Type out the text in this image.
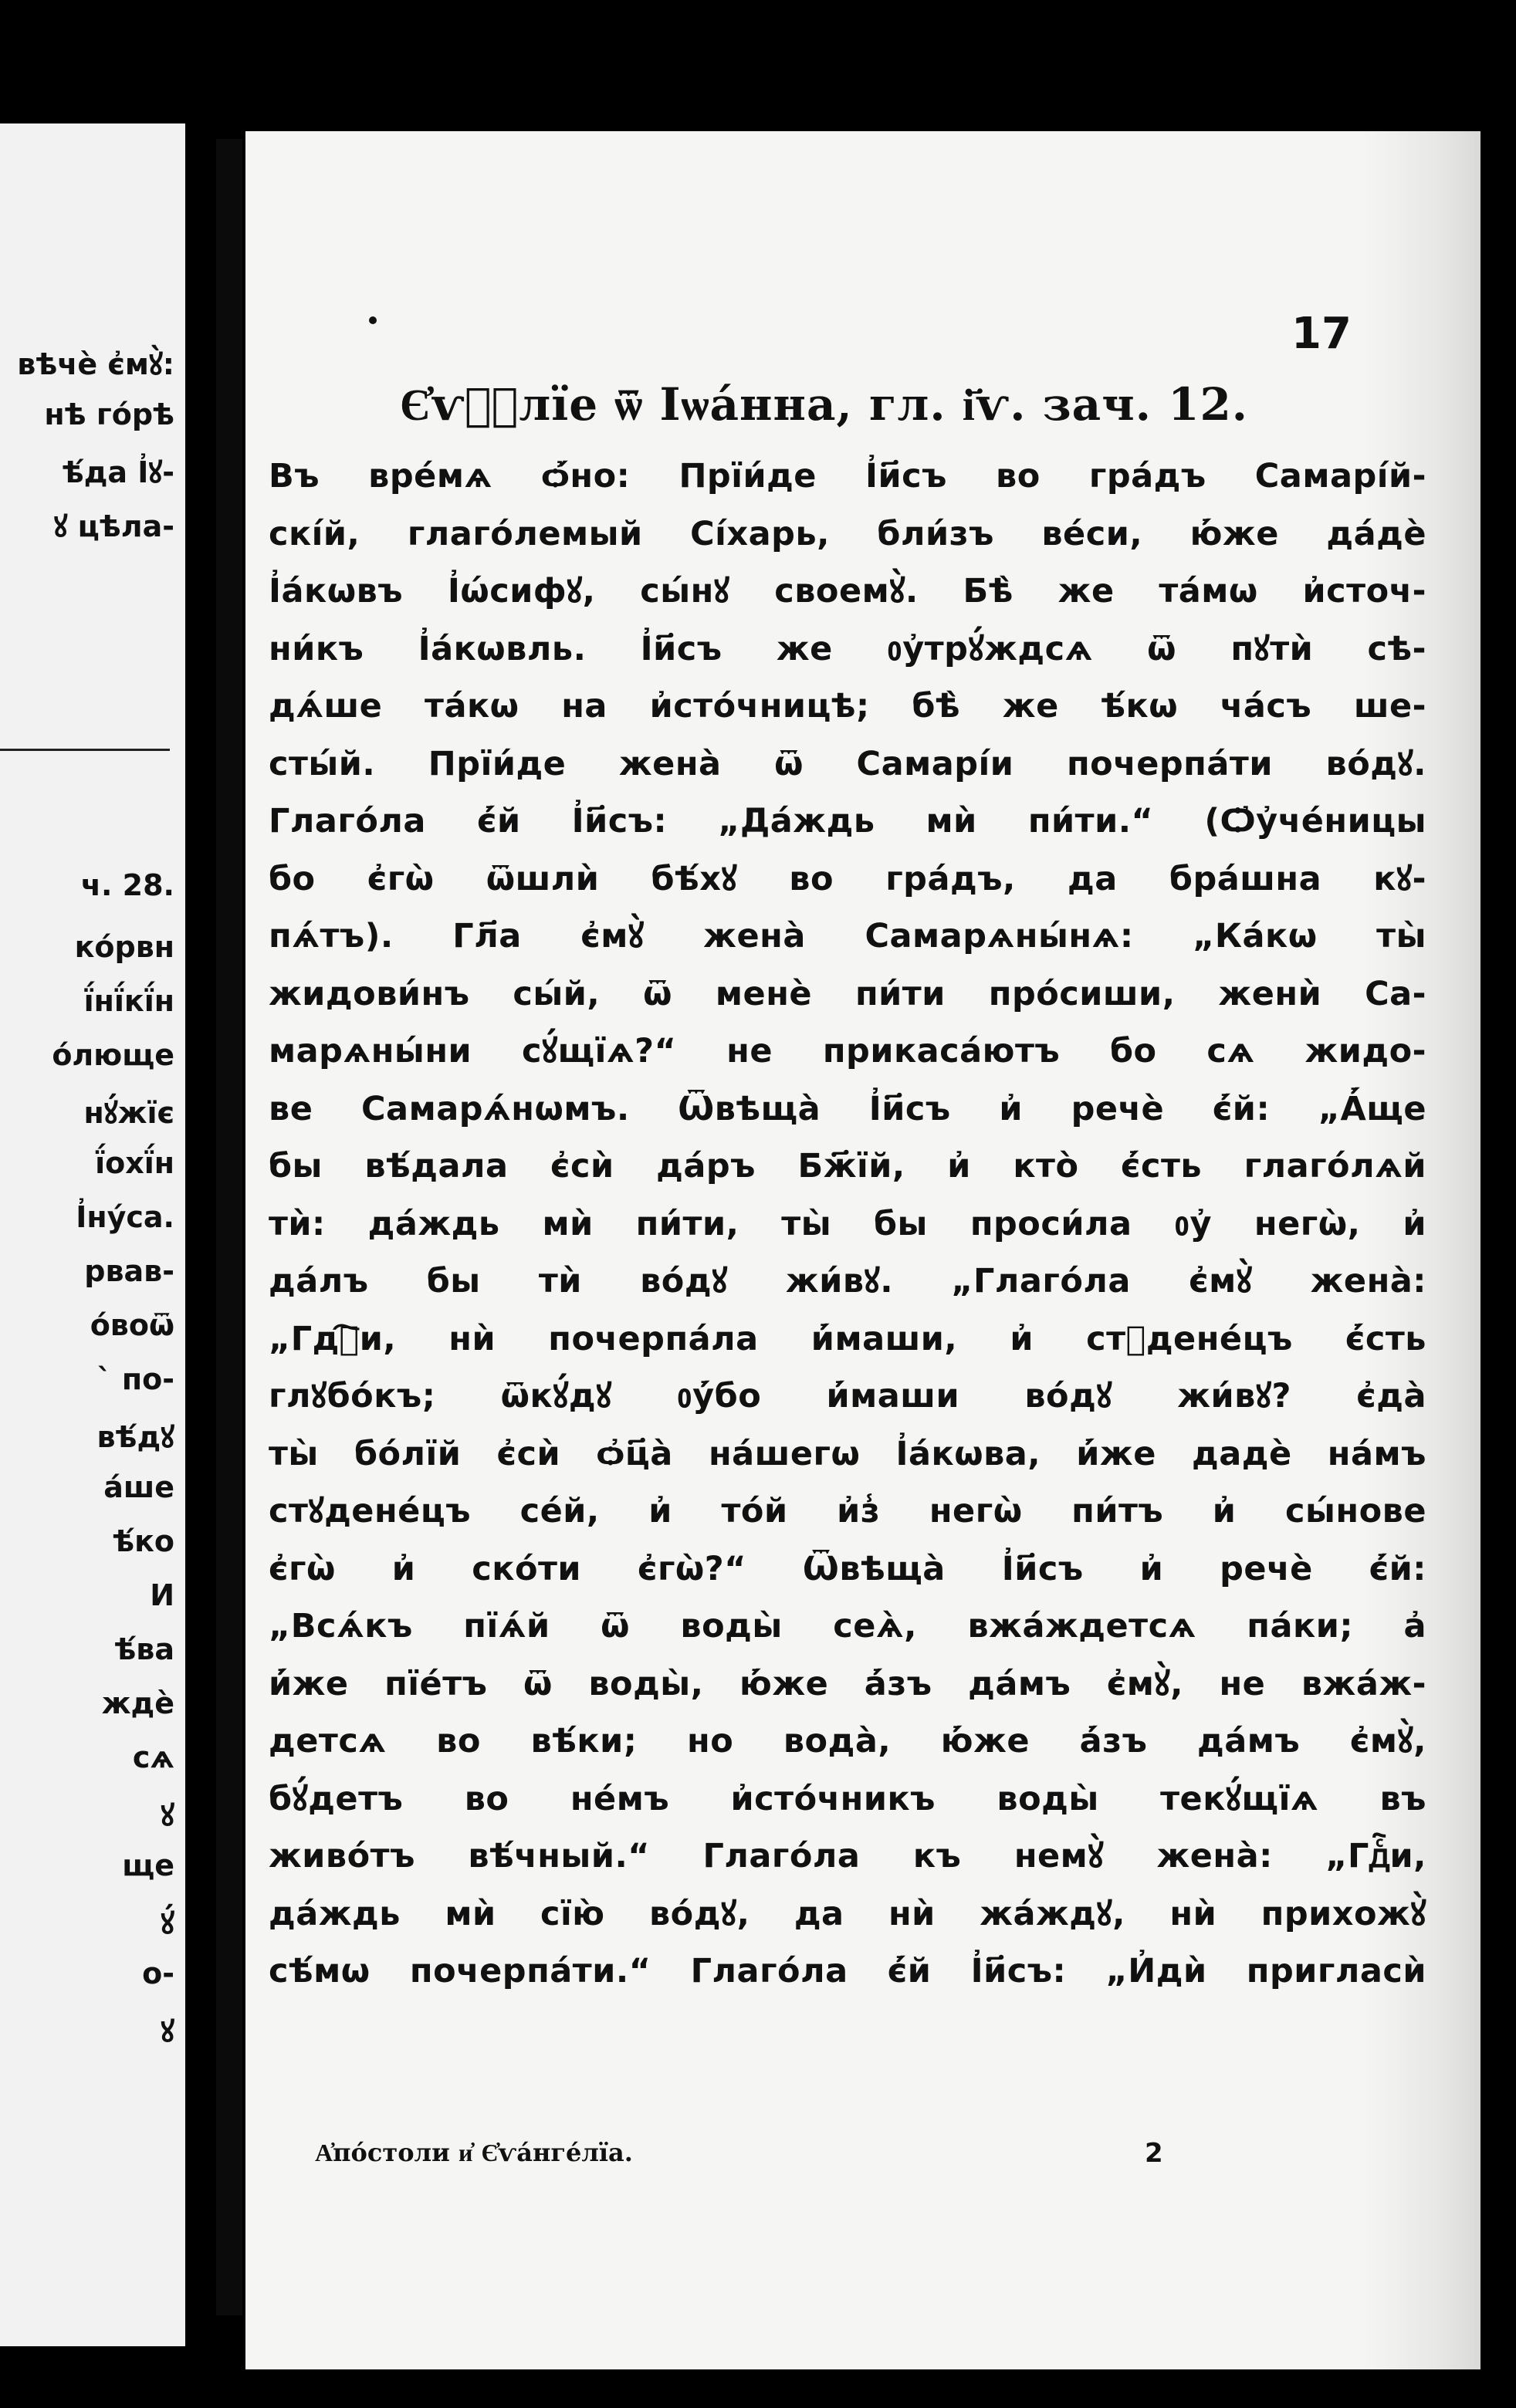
вѣчѐ є҆мꙋ̀:
нѣ го́рѣ
ѣ́да І҆ꙋ-
ꙋ цѣла-
ч. 28.
ко́рвн
ї́нї́кї́н
о́люще
нꙋ́жїє
ї́охї́н
І҆ну́са.
рвав-
о́воѿ
̀ по-
вѣ́дꙋ
а́ше
ѣ́ко
И
ѣ́ва
ждѐ
сѧ
ꙋ
ще
ꙋ́
о-
ꙋ
17
Є҆ѵⷢ҇лїе ѿ Іѡа́нна, гл. і҃ѵ. зач. 12.
Въ вре́мѧ ѻ҆́но: Прїи́де І҆и҃съ во гра́дъ Самарі́й-
скі́й, глаго́лемый Сі́харь, бли́зъ ве́си, ю҆́же да́дѐ
І҆а́кѡвъ І҆ѡ́сифꙋ, сы́нꙋ своемꙋ̀. Бѣ̀ же та́мѡ и҆сточ-
ни́къ І҆а́кѡвль. І҆и҃съ же ᲂу҆трꙋ́ждсѧ ѿ пꙋтѝ сѣ-
дѧ́ше та́кѡ на и҆сто́чницѣ; бѣ̀ же ѣ́кѡ ча́съ ше-
сты́й. Прїи́де жена̀ ѿ Самарі́и почерпа́ти во́дꙋ.
Глаго́ла є҆́й І҆и҃съ: „Да́ждь мѝ пи́ти.“ (Ѻ҆у҆че́ницы
бо є҆гѡ̀ ѿшлѝ бѣ́хꙋ во гра́дъ, да бра́шна кꙋ-
пѧ́тъ). Гл҃а є҆мꙋ̀ жена̀ Самарѧны́нѧ: „Ка́кѡ ты̀
жидови́нъ сы́й, ѿ менѐ пи́ти про́сиши, женѝ Са-
марѧны́ни сꙋ́щїѧ?“ не прикаса́ютъ бо сѧ жидо-
ве Самарѧ́нѡмъ. Ѿвѣща̀ І҆и҃съ и҆ речѐ є҆́й: „А҆́ще
бы вѣ́дала є҆сѝ да́ръ Бж҃їй, и҆ кто̀ є҆́сть глаго́лѧй
тѝ: да́ждь мѝ пи́ти, ты̀ бы проси́ла ᲂу҆ негѡ̀, и҆
да́лъ бы тѝ во́дꙋ жи́вꙋ. „Глаго́ла є҆мꙋ̀ жена̀:
„Гдⷭ҇и, нѝ почерпа́ла и҆́маши, и҆ стꙋдене́цъ є҆́сть
глꙋбо́къ; ѿкꙋ́дꙋ ᲂу҆́бо и҆́маши во́дꙋ жи́вꙋ? є҆да̀
ты̀ бо́лїй є҆сѝ ѻ҆ц҃а̀ на́шегѡ І҆а́кѡва, и҆́же дадѐ на́мъ
стꙋдене́цъ се́й, и҆ то́й и҆з̾ негѡ̀ пи́тъ и҆ сы́нове
є҆гѡ̀ и҆ ско́ти є҆гѡ̀?“ Ѿвѣща̀ І҆и҃съ и҆ речѐ є҆́й:
„Всѧ́къ пїѧ́й ѿ воды̀ сеѧ̀, вжа́ждетсѧ па́ки; а҆
и҆́же пїе́тъ ѿ воды̀, ю҆́же а҆́зъ да́мъ є҆мꙋ̀, не вжа́ж-
детсѧ во вѣ́ки; но вода̀, ю҆́же а҆́зъ да́мъ є҆мꙋ̀,
бꙋ́детъ во не́мъ и҆сто́чникъ воды̀ текꙋ́щїѧ въ
живо́тъ вѣ́чный.“ Глаго́ла къ немꙋ̀ жена̀: „Гдⷭ҇и,
да́ждь мѝ сїю̀ во́дꙋ, да нѝ жа́ждꙋ, нѝ прихожꙋ̀
сѣ́мѡ почерпа́ти.“ Глаго́ла є҆́й І҆и҃съ: „И҆дѝ пригласѝ
А҆по́столи и҆ Є҆ѵа́нге́лїа.	2
